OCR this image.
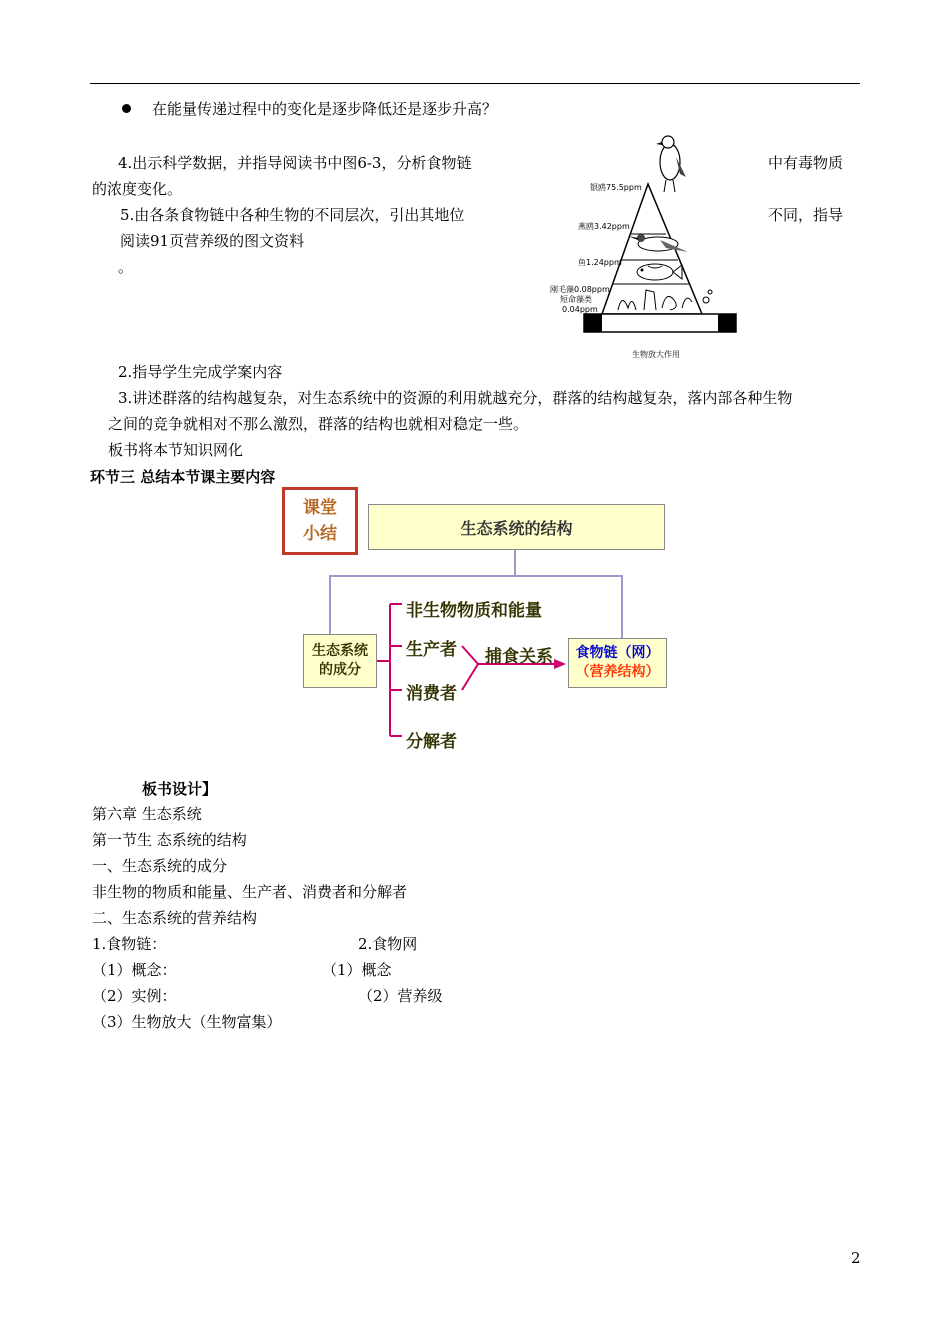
在能量传递过程中的变化是逐步降低还是逐步升高？
4.出示科学数据，并指导阅读书中图6-3，分析食物链	中有毒物质
的浓度变化。
5.由各条食物链中各种生物的不同层次，引出其地位	不同，指导
阅读91页营养级的图文资料
。
银鸥75.5ppm
燕鸥3.42ppm
鱼1.24ppm
刚毛藻0.08ppm
短命藻类
0.04ppm
生物放大作用
2.指导学生完成学案内容
3.讲述群落的结构越复杂，对生态系统中的资源的利用就越充分，群落的结构越复杂，落内部各种生物
之间的竞争就相对不那么激烈，群落的结构也就相对稳定一些。
板书将本节知识网化
环节三 总结本节课主要内容
课堂
小结	生态系统的结构
生态系统
的成分
非生物物质和能量
生产者
消费者
分解者
捕食关系 食物链（网）
（营养结构）
板书设计】
第六章 生态系统
第一节生 态系统的结构
一、生态系统的成分
非生物的物质和能量、生产者、消费者和分解者
二、生态系统的营养结构
1.食物链：	2.食物网
（1）概念：	（1）概念
（2）实例：	（2）营养级
（3）生物放大（生物富集）
2
